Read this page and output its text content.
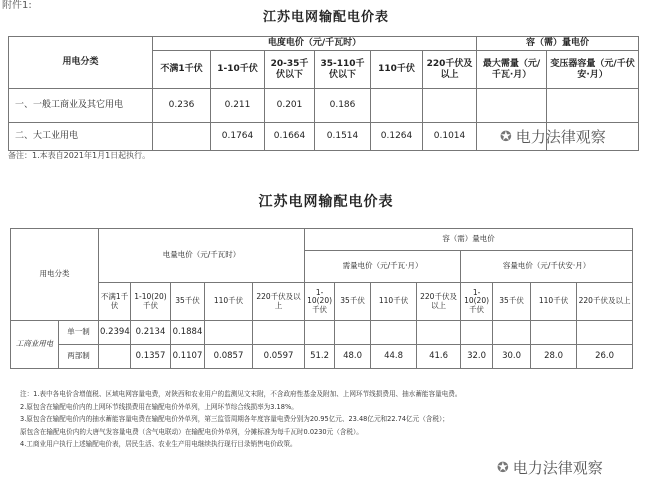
附件1:
江苏电网输配电价表
用电分类	电度电价（元/千瓦时）						容（需）量电价	
	不满1千伏	1-10千伏	20-35千伏以下	35-110千伏以下	110千伏	220千伏及以上	最大需量（元/千瓦·月）	变压器容量（元/千伏安·月）
一、一般工商业及其它用电	0.236	0.211	0.201	0.186				
二、大工业用电		0.1764	0.1664	0.1514	0.1264	0.1014		
备注：1.本表自2021年1月1日起执行。
江苏电网输配电价表
用电分类		电量电价（元/千瓦时）					容（需）量电价							
							需量电价（元/千瓦·月）				容量电价（元/千伏安·月）			
		不满1千伏	1-10(20)千伏	35千伏	110千伏	220千伏及以上	1-10(20)千伏	35千伏	110千伏	220千伏及以上	1-10(20)千伏	35千伏	110千伏	220千伏及以上
工商业用电	单一制	0.2394	0.2134	0.1884										
	两部制		0.1357	0.1107	0.0857	0.0597	51.2	48.0	44.8	41.6	32.0	30.0	28.0	26.0
注：1.表中各电价含增值税、区域电网容量电费，对陕西和农业用户的监测见文末附，不含政府性基金及附加、上网环节线损费用、抽水蓄能容量电费。
2.原包含在输配电价内的上网环节线损费用在输配电价外单列，上网环节综合线损率为3.18%。
3.原包含在输配电价内的抽水蓄能容量电费在输配电价外单列，第三监管周期各年度容量电费分别为20.95亿元、23.48亿元和22.74亿元（含税）；
原包含在输配电价内的大唐气发容量电费（含气电联动）在输配电价外单列，分摊标准为每千瓦时0.0230元（含税）。
4.工商业用户执行上述输配电价表，居民生活、农业生产用电继续执行现行目录销售电价政策。
✪ 电力法律观察
✪ 电力法律观察
